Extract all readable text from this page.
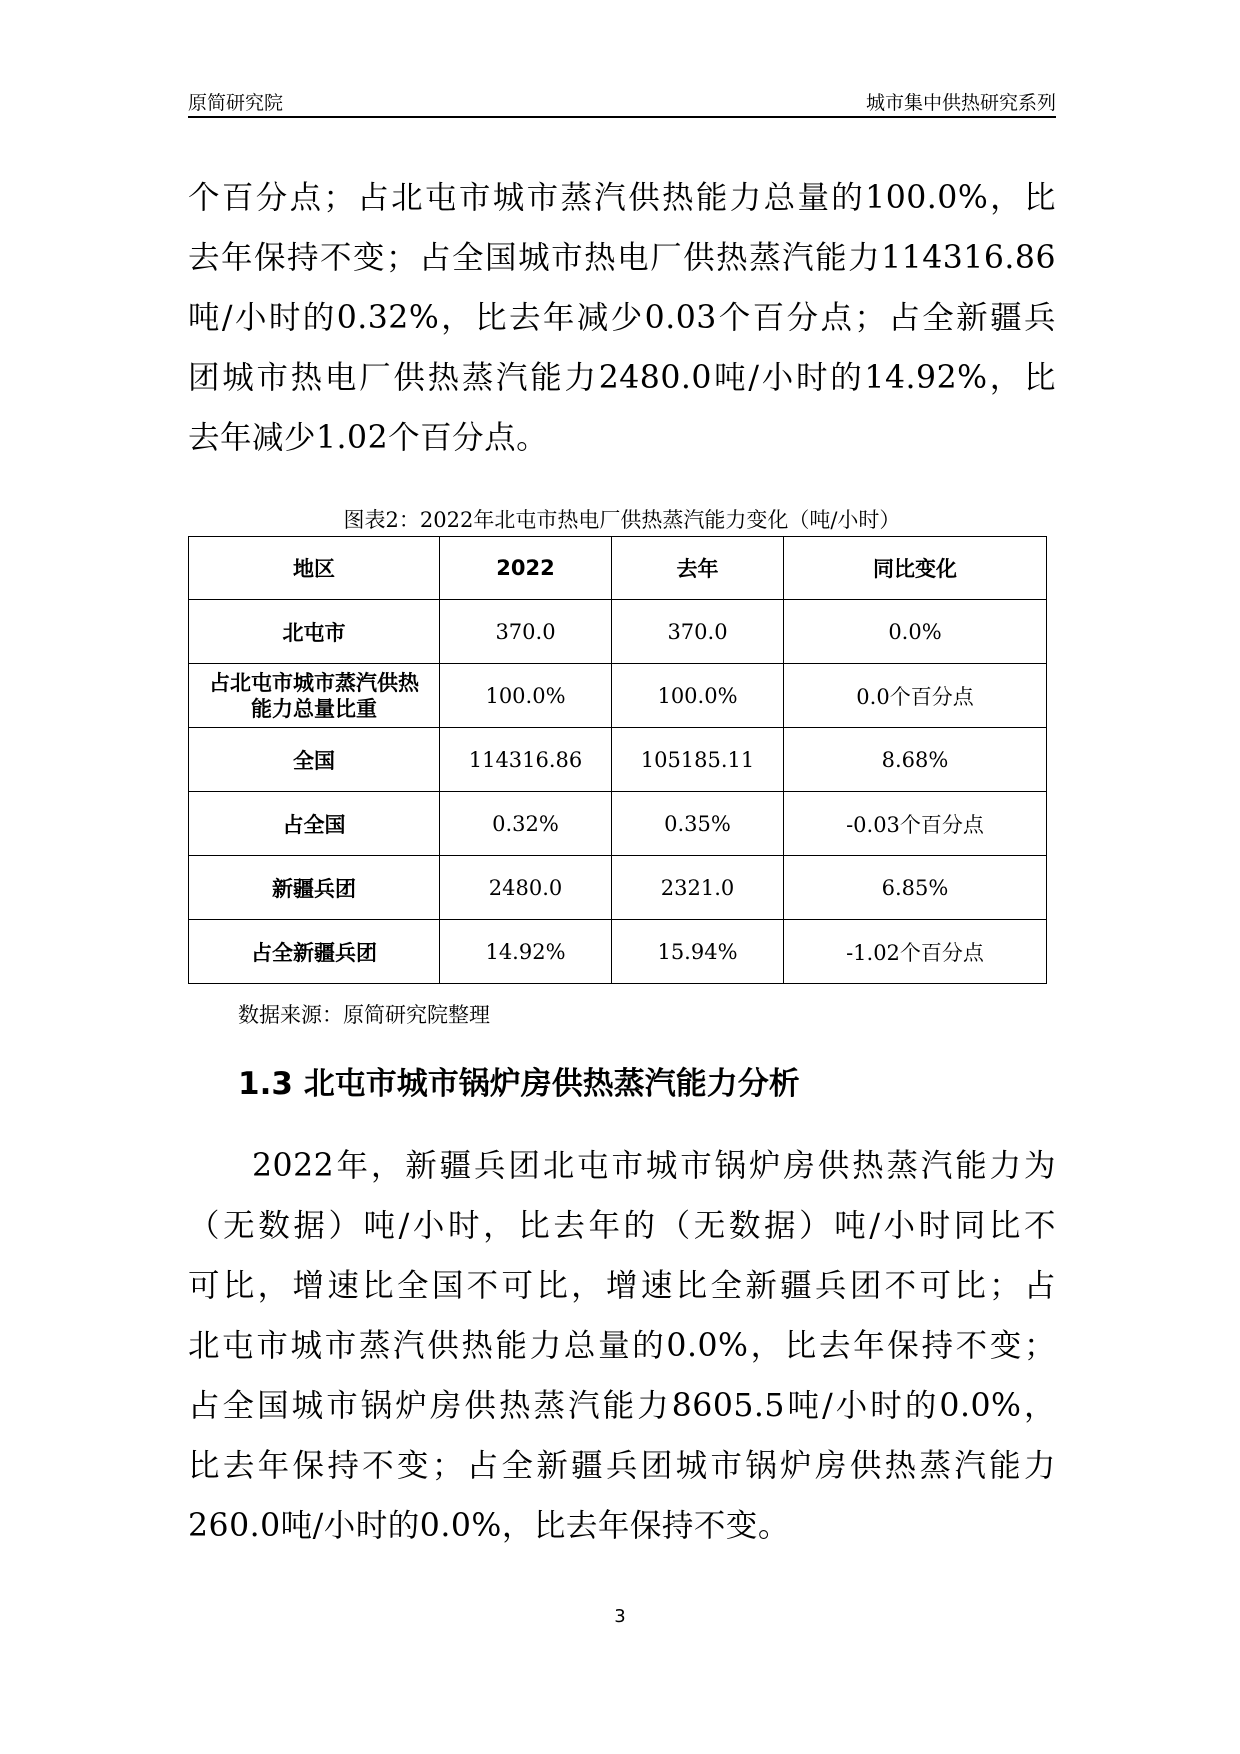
原简研究院	城市集中供热研究系列
个百分点；占北屯市城市蒸汽供热能力总量的100.0%，比
去年保持不变；占全国城市热电厂供热蒸汽能力114316.86
吨/小时的0.32%，比去年减少0.03个百分点；占全新疆兵
团城市热电厂供热蒸汽能力2480.0吨/小时的14.92%，比
去年减少1.02个百分点。
图表2：2022年北屯市热电厂供热蒸汽能力变化（吨/小时）
地区	2022	去年	同比变化
北屯市	370.0	370.0	0.0%
占北屯市城市蒸汽供热
能力总量比重	100.0%	100.0%	0.0个百分点
全国	114316.86	105185.11	8.68%
占全国	0.32%	0.35%	-0.03个百分点
新疆兵团	2480.0	2321.0	6.85%
占全新疆兵团	14.92%	15.94%	-1.02个百分点
数据来源：原简研究院整理
1.3 北屯市城市锅炉房供热蒸汽能力分析
2022年，新疆兵团北屯市城市锅炉房供热蒸汽能力为
（无数据）吨/小时，比去年的（无数据）吨/小时同比不
可比，增速比全国不可比，增速比全新疆兵团不可比；占
北屯市城市蒸汽供热能力总量的0.0%，比去年保持不变；
占全国城市锅炉房供热蒸汽能力8605.5吨/小时的0.0%，
比去年保持不变；占全新疆兵团城市锅炉房供热蒸汽能力
260.0吨/小时的0.0%，比去年保持不变。
3
